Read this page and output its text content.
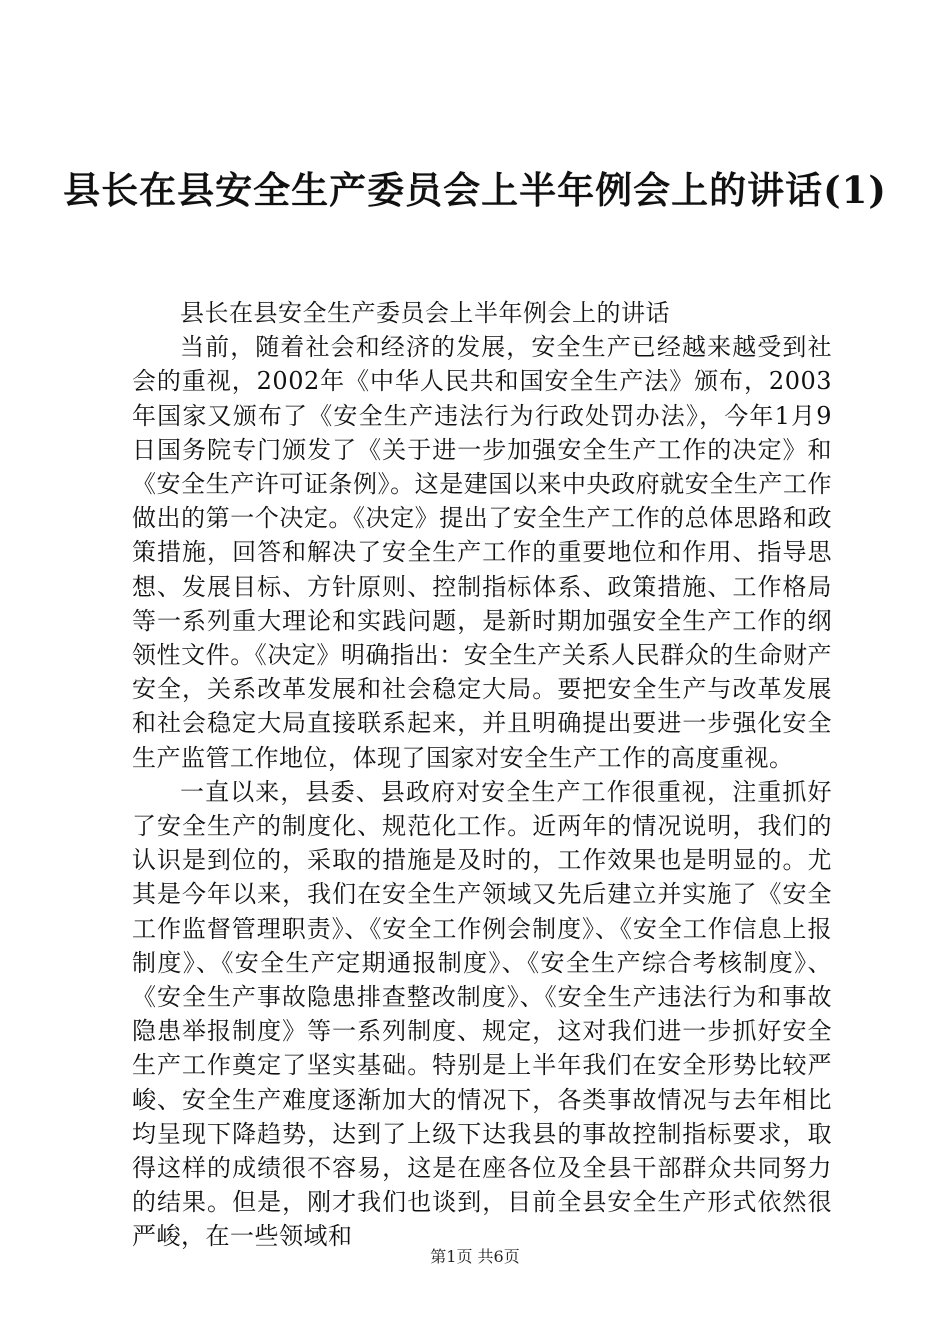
县长在县安全生产委员会上半年例会上的讲话(1)

县长在县安全生产委员会上半年例会上的讲话

当前，随着社会和经济的发展，安全生产已经越来越受到社会的重视，2002年《中华人民共和国安全生产法》颁布，2003年国家又颁布了《安全生产违法行为行政处罚办法》，今年1月9日国务院专门颁发了《关于进一步加强安全生产工作的决定》和《安全生产许可证条例》。这是建国以来中央政府就安全生产工作做出的第一个决定。《决定》提出了安全生产工作的总体思路和政策措施，回答和解决了安全生产工作的重要地位和作用、指导思想、发展目标、方针原则、控制指标体系、政策措施、工作格局等一系列重大理论和实践问题，是新时期加强安全生产工作的纲领性文件。《决定》明确指出：安全生产关系人民群众的生命财产安全，关系改革发展和社会稳定大局。要把安全生产与改革发展和社会稳定大局直接联系起来，并且明确提出要进一步强化安全生产监管工作地位，体现了国家对安全生产工作的高度重视。

一直以来，县委、县政府对安全生产工作很重视，注重抓好了安全生产的制度化、规范化工作。近两年的情况说明，我们的认识是到位的，采取的措施是及时的，工作效果也是明显的。尤其是今年以来，我们在安全生产领域又先后建立并实施了《安全工作监督管理职责》、《安全工作例会制度》、《安全工作信息上报制度》、《安全生产定期通报制度》、《安全生产综合考核制度》、《安全生产事故隐患排查整改制度》、《安全生产违法行为和事故隐患举报制度》等一系列制度、规定，这对我们进一步抓好安全生产工作奠定了坚实基础。特别是上半年我们在安全形势比较严峻、安全生产难度逐渐加大的情况下，各类事故情况与去年相比均呈现下降趋势，达到了上级下达我县的事故控制指标要求，取得这样的成绩很不容易，这是在座各位及全县干部群众共同努力的结果。但是，刚才我们也谈到，目前全县安全生产形式依然很严峻，在一些领域和

第1页 共6页
